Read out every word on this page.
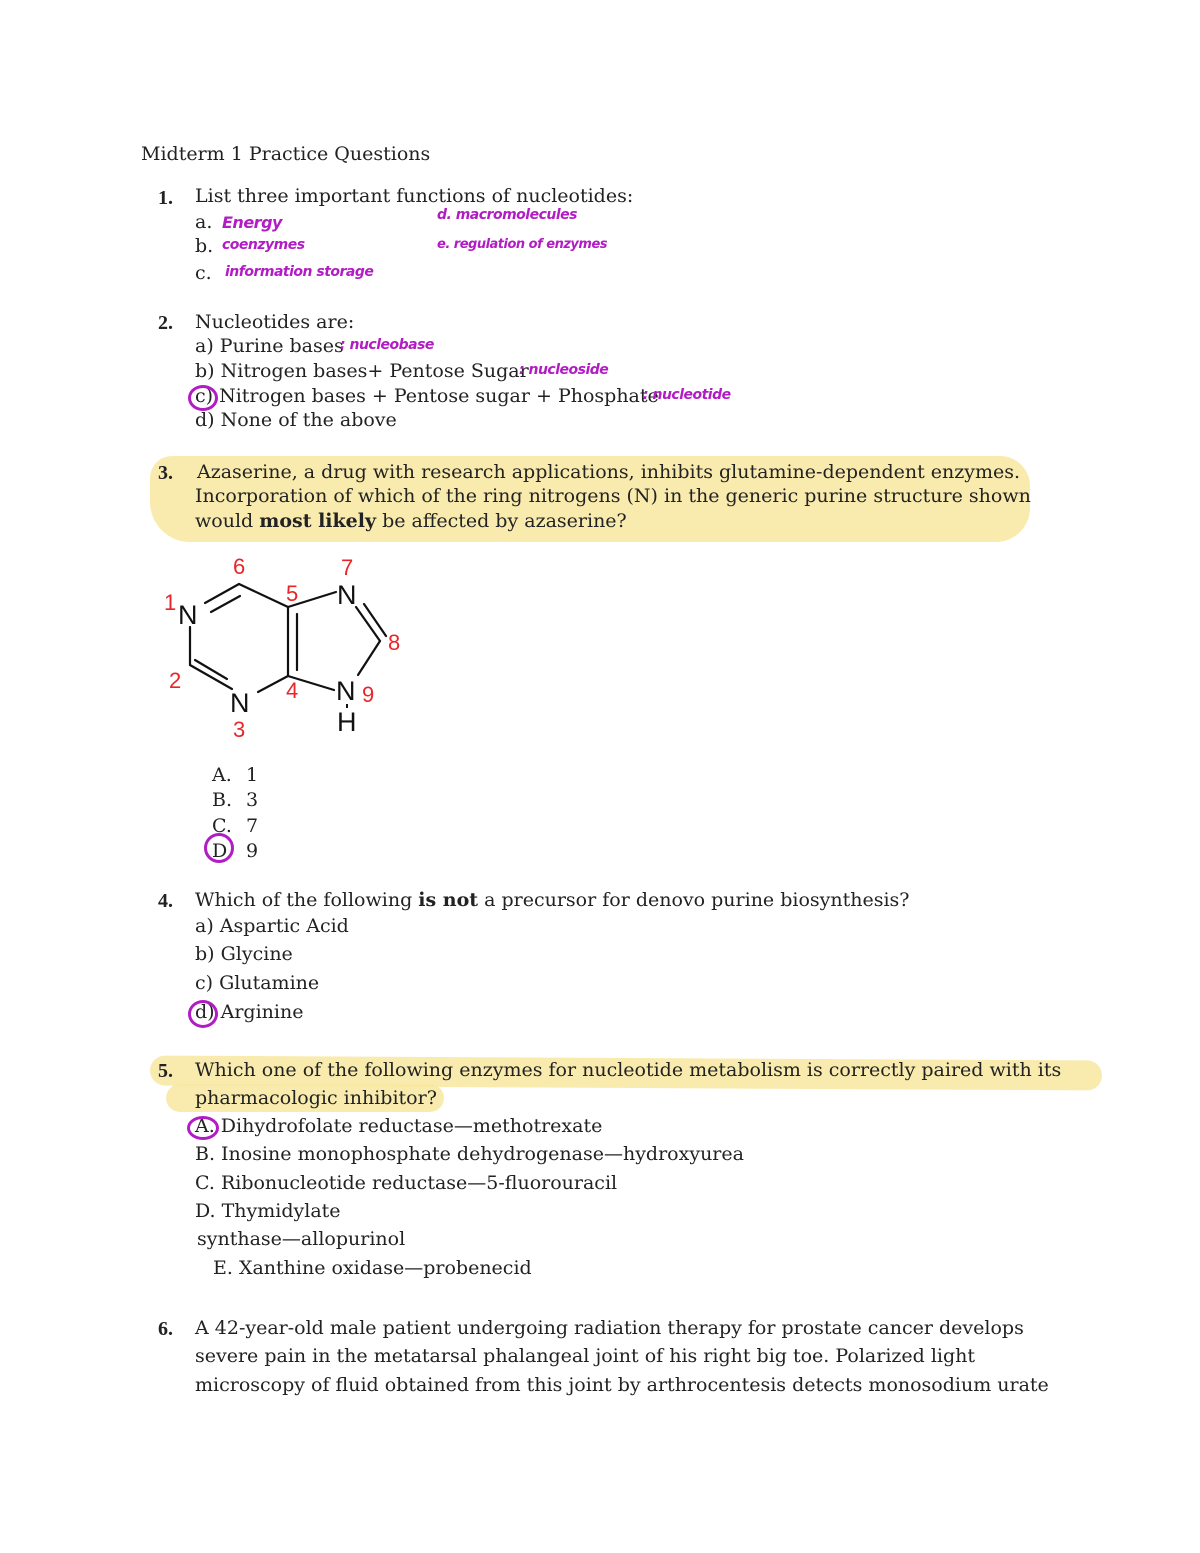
Midterm 1 Practice Questions
1. List three important functions of nucleotides:
a.
b.
c.
Energy
coenzymes
information storage
d. macromolecules
e. regulation of enzymes
2. Nucleotides are:
a) Purine bases
b) Nitrogen bases+ Pentose Sugar
c) Nitrogen bases + Pentose sugar + Phosphate
d) None of the above
: nucleobase
: nucleoside
: nucleotide
3. Azaserine, a drug with research applications, inhibits glutamine-dependent enzymes.
Incorporation of which of the ring nitrogens (N) in the generic purine structure shown
would most likely be affected by azaserine?
N
N
N
N
H
1
2
3
4
5
6	7
8
9
A. 1
B. 3
C. 7
D. 9
4. Which of the following is not a precursor for denovo purine biosynthesis?
a) Aspartic Acid
b) Glycine
c) Glutamine
d) Arginine
5. Which one of the following enzymes for nucleotide metabolism is correctly paired with its
pharmacologic inhibitor?
A. Dihydrofolate reductase—methotrexate
B. Inosine monophosphate dehydrogenase—hydroxyurea
C. Ribonucleotide reductase—5-fluorouracil
D. Thymidylate
synthase—allopurinol
E. Xanthine oxidase—probenecid
6. A 42-year-old male patient undergoing radiation therapy for prostate cancer develops
severe pain in the metatarsal phalangeal joint of his right big toe. Polarized light
microscopy of fluid obtained from this joint by arthrocentesis detects monosodium urate
